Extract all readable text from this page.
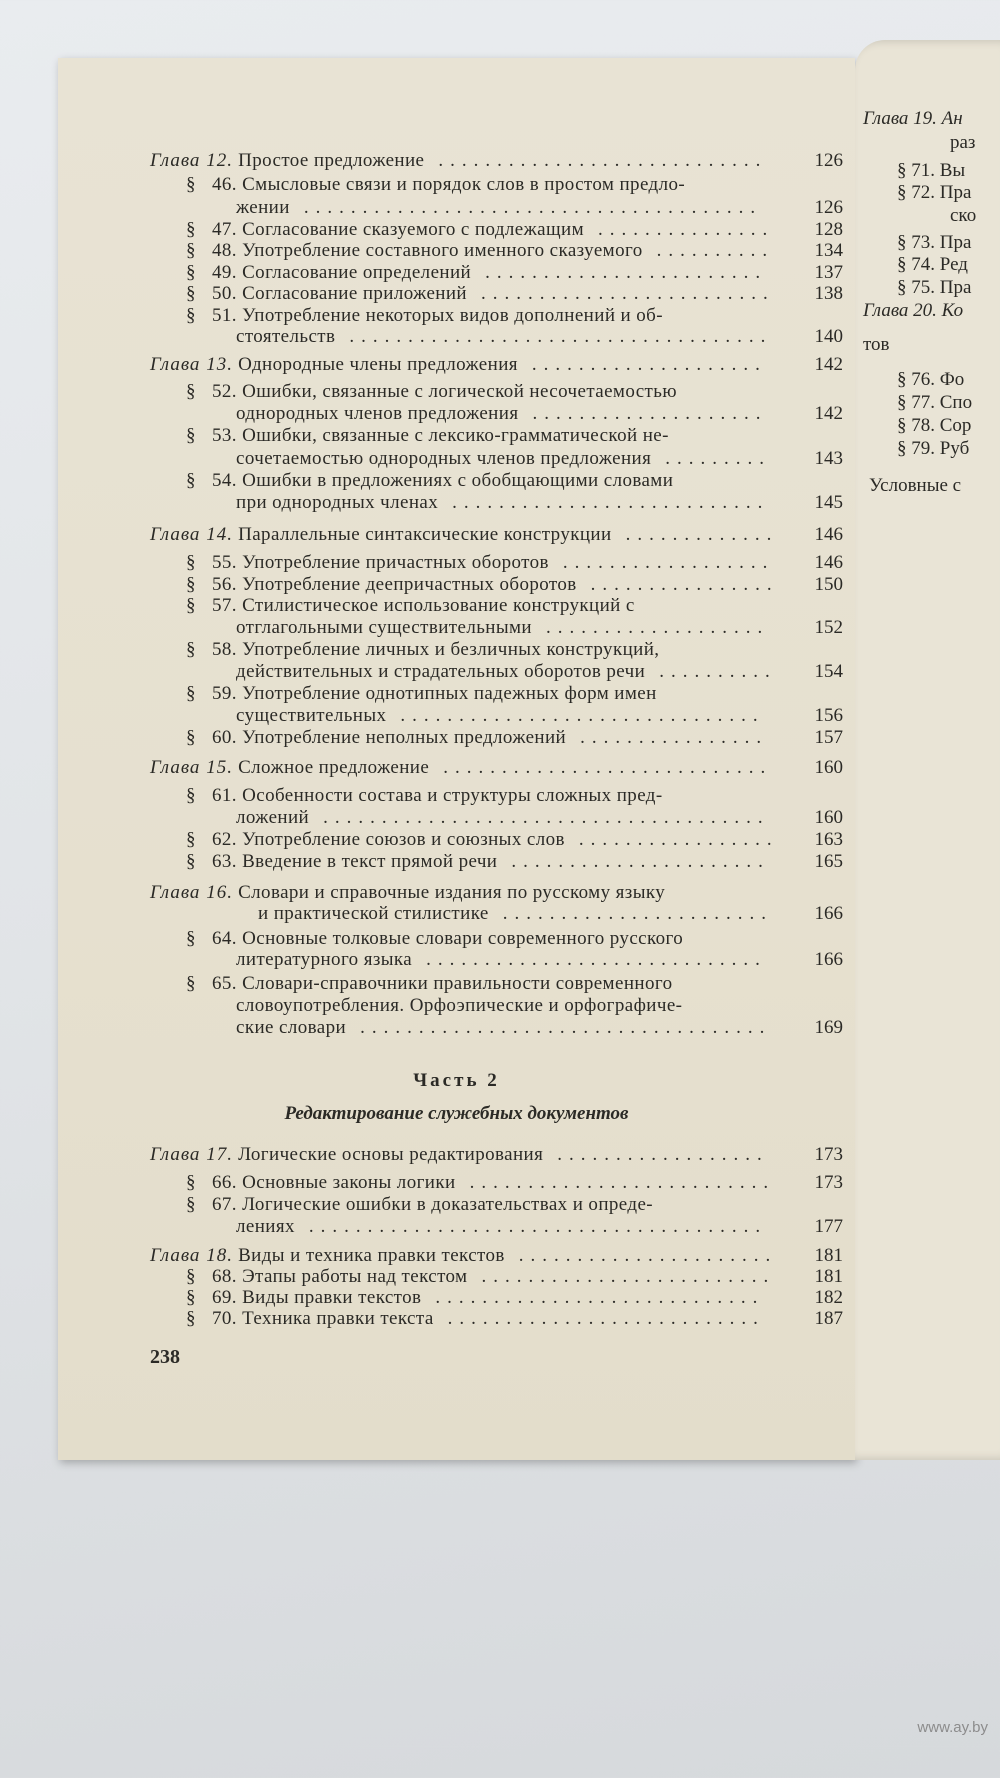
Глава 12. Простое предложение ............................	126
§ 46. Смысловые связи и порядок слов в простом предло-
жении .......................................	126
§ 47. Согласование сказуемого с подлежащим ...............	128
§ 48. Употребление составного именного сказуемого ..........	134
§ 49. Согласование определений ........................	137
§ 50. Согласование приложений .........................	138
§ 51. Употребление некоторых видов дополнений и об-
стоятельств ....................................	140
Глава 13. Однородные члены предложения ....................	142
§ 52. Ошибки, связанные с логической несочетаемостью
однородных членов предложения ....................	142
§ 53. Ошибки, связанные с лексико-грамматической не-
сочетаемостью однородных членов предложения .........	143
§ 54. Ошибки в предложениях с обобщающими словами
при однородных членах ...........................	145
Глава 14. Параллельные синтаксические конструкции .............	146
§ 55. Употребление причастных оборотов ..................	146
§ 56. Употребление деепричастных оборотов ................	150
§ 57. Стилистическое использование конструкций с
отглагольными существительными ...................	152
§ 58. Употребление личных и безличных конструкций,
действительных и страдательных оборотов речи ..........	154
§ 59. Употребление однотипных падежных форм имен
существительных ...............................	156
§ 60. Употребление неполных предложений ................	157
Глава 15. Сложное предложение ............................	160
§ 61. Особенности состава и структуры сложных пред-
ложений ......................................	160
§ 62. Употребление союзов и союзных слов .................	163
§ 63. Введение в текст прямой речи ......................	165
Глава 16. Словари и справочные издания по русскому языку
и практической стилистике .......................	166
§ 64. Основные толковые словари современного русского
литературного языка .............................	166
§ 65. Словари-справочники правильности современного
словоупотребления. Орфоэпические и орфографиче-
ские словари ...................................	169
Часть 2
Редактирование служебных документов
Глава 17. Логические основы редактирования ..................	173
§ 66. Основные законы логики ..........................	173
§ 67. Логические ошибки в доказательствах и опреде-
лениях .......................................	177
Глава 18. Виды и техника правки текстов ......................	181
§ 68. Этапы работы над текстом .........................	181
§ 69. Виды правки текстов ............................	182
§ 70. Техника правки текста ...........................	187
238
Глава 19. Ан
раз
§ 71. Вы
§ 72. Пра
ско
§ 73. Пра
§ 74. Ред
§ 75. Пра
Глава 20. Ко
тов
§ 76. Фо
§ 77. Спо
§ 78. Сор
§ 79. Руб
Условные с
www.ay.by
